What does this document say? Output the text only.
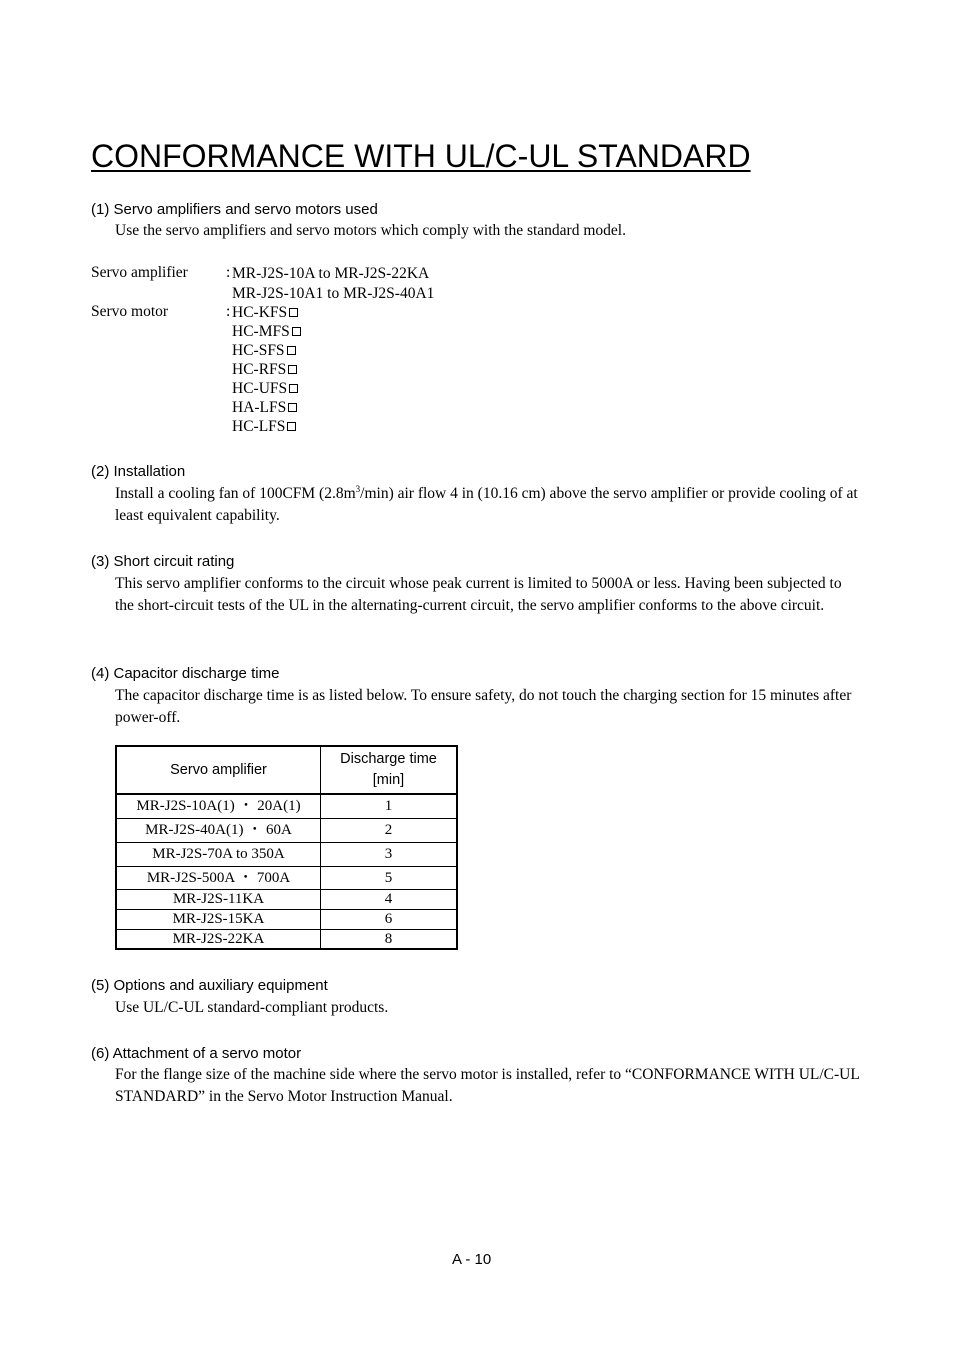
CONFORMANCE WITH UL/C-UL STANDARD
(1) Servo amplifiers and servo motors used
Use the servo amplifiers and servo motors which comply with the standard model.
Servo amplifier : MR-J2S-10A to MR-J2S-22KA
MR-J2S-10A1 to MR-J2S-40A1
Servo motor	: HC-KFS
HC-MFS
HC-SFS
HC-RFS
HC-UFS
HA-LFS
HC-LFS
(2) Installation
Install a cooling fan of 100CFM $(2.8m^3/\min)$ air flow 4 in (10.16 cm) above the servo amplifier or provide cooling of at least equivalent capability.
(3) Short circuit rating
This servo amplifier conforms to the circuit whose peak current is limited to 5000A or less. Having been subjected to the short-circuit tests of the UL in the alternating-current circuit, the servo amplifier conforms to the above circuit.
(4) Capacitor discharge time
The capacitor discharge time is as listed below. To ensure safety, do not touch the charging section for 15 minutes after power-off.
Servo amplifier	Discharge time
[min]
MR-J2S-10A(1) ・ 20A(1)	1
MR-J2S-40A(1) ・ 60A	2
MR-J2S-70A to 350A	3
MR-J2S-500A ・ 700A	5
MR-J2S-11KA	4
MR-J2S-15KA	6
MR-J2S-22KA	8
(5) Options and auxiliary equipment
Use UL/C-UL standard-compliant products.
(6) Attachment of a servo motor
For the flange size of the machine side where the servo motor is installed, refer to “CONFORMANCE WITH UL/C-UL STANDARD” in the Servo Motor Instruction Manual.
A - 10
